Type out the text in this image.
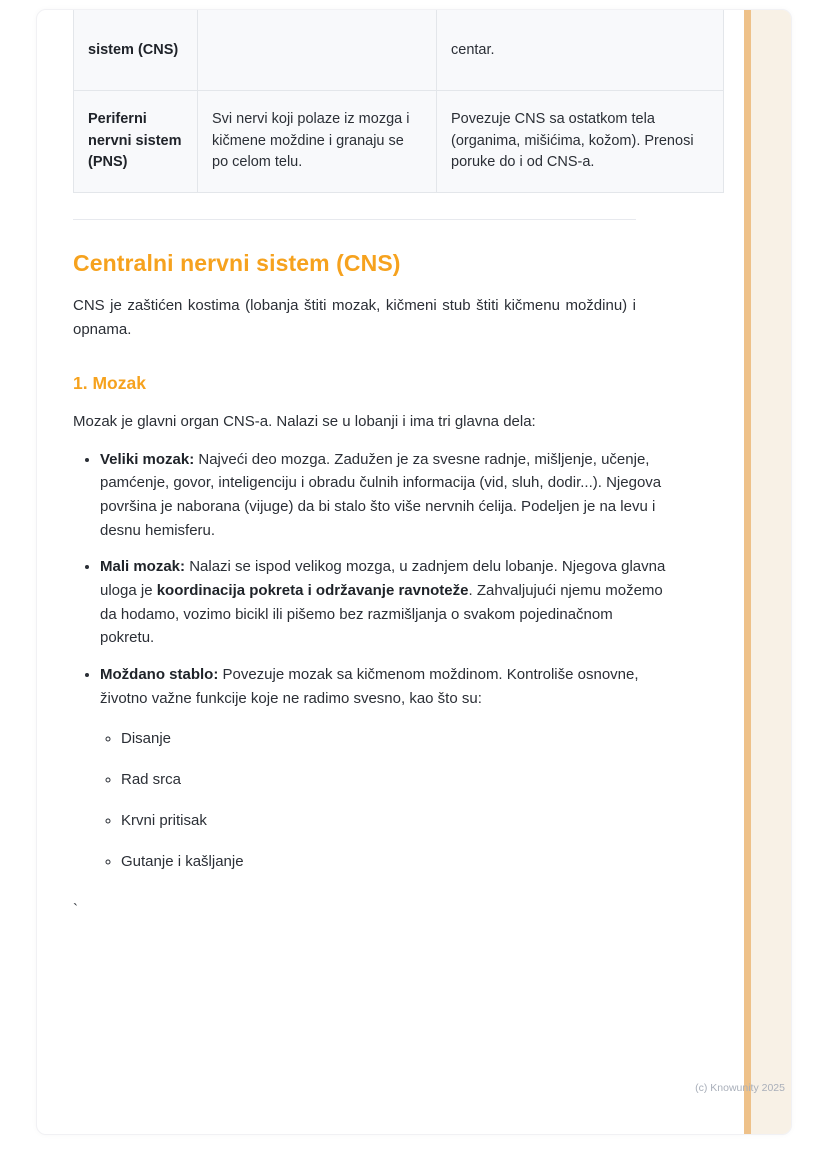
sistem (CNS)		centar.
Periferni nervni sistem (PNS)	Svi nervi koji polaze iz mozga i kičmene moždine i granaju se po celom telu.	Povezuje CNS sa ostatkom tela (organima, mišićima, kožom). Prenosi poruke do i od CNS-a.
Centralni nervni sistem (CNS)

CNS je zaštićen kostima (lobanja štiti mozak, kičmeni stub štiti kičmenu moždinu) i opnama.

1. Mozak

Mozak je glavni organ CNS-a. Nalazi se u lobanji i ima tri glavna dela:

• Veliki mozak: Najveći deo mozga. Zadužen je za svesne radnje, mišljenje, učenje, pamćenje, govor, inteligenciju i obradu čulnih informacija (vid, sluh, dodir...). Njegova površina je naborana (vijuge) da bi stalo što više nervnih ćelija. Podeljen je na levu i desnu hemisferu.
• Mali mozak: Nalazi se ispod velikog mozga, u zadnjem delu lobanje. Njegova glavna uloga je koordinacija pokreta i održavanje ravnoteže. Zahvaljujući njemu možemo da hodamo, vozimo bicikl ili pišemo bez razmišljanja o svakom pojedinačnom pokretu.
• Moždano stablo: Povezuje mozak sa kičmenom moždinom. Kontroliše osnovne, životno važne funkcije koje ne radimo svesno, kao što su:
◦ Disanje
◦ Rad srca
◦ Krvni pritisak
◦ Gutanje i kašljanje

`

(c) Knowunity 2025
